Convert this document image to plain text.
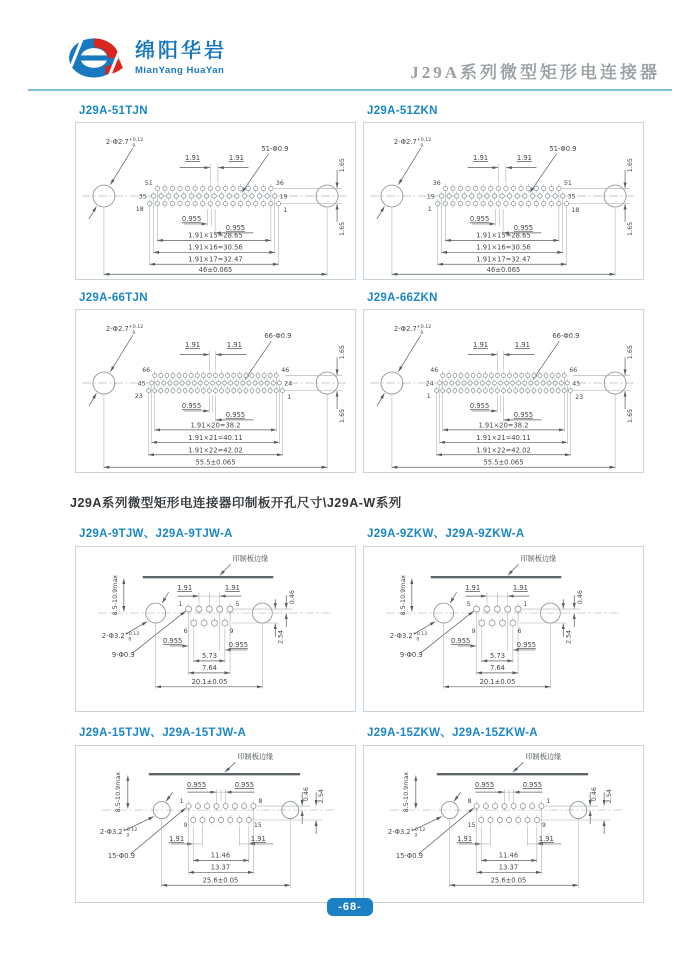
绵阳华岩
MianYang HuaYan	J29A系列微型矩形电连接器
J29A-51TJN
$2-\Phi 2.7^{+0.12}$ 0
1.91	1.91
51-Φ0.9
1.65
1.65
51	36
35	19
18	1
0.955
0.955
1.91×15=28.65
1.91×16=30.56
1.91×17=32.47
46±0.065
J29A-51ZKN
$2-\Phi 2.7^{+0.12}$ 0
1.91	1.91
51-Φ0.9
1.65
1.65
36	51
19	35
1	18
0.955
0.955
1.91×15=28.65
1.91×16=30.56
1.91×17=32.47
46±0.065
J29A-66TJN
$2-\Phi 2.7^{+0.12}$ 0
1.91	1.91
66-Φ0.9
1.65
1.65
66	46
45	24
23	1
0.955
0.955
1.91×20=38.2
1.91×21=40.11
1.91×22=42.02
55.5±0.065
J29A-66ZKN
$2-\Phi 2.7^{+0.12}$ 0
1.91	1.91
66-Φ0.9
1.65
1.65
46	66
24	45
1	23
0.955
0.955
1.91×20=38.2
1.91×21=40.11
1.91×22=42.02
55.5±0.065
J29A系列微型矩形电连接器印制板开孔尺寸\J29A-W系列
J29A-9TJW、J29A-9TJW-A
印制板边缘
8.5-10.9max	1.91	1.91
0.46
2.54
1	5
6	9
$2-\Phi 3.2^{+0.12}$ 0	0.955	0.955
9-Φ0.9	5.73
7.64
20.1±0.05
J29A-9ZKW、J29A-9ZKW-A
印制板边缘
8.5-10.9max	1.91	1.91
0.46
2.54
5	1
9	6
$2-\Phi 3.2^{+0.12}$ 0	0.955	0.955
9-Φ0.9	5.73
7.64
20.1±0.05
J29A-15TJW、J29A-15TJW-A
印制板边缘
8.5-10.9max	0.955	0.955
0.46 2.54
1	8
9	15
$2-\Phi 3.2^{+0.12}$ 0	1.91	1.91
15-Φ0.9	11.46
13.37
25.6±0.05
J29A-15ZKW、J29A-15ZKW-A
印制板边缘
8.5-10.9max	0.955	0.955
0.46 2.54
8	1
15	9
$2-\Phi 3.2^{+0.12}$ 0	1.91	1.91
15-Φ0.9	11.46
13.37
25.6±0.05
-68-
